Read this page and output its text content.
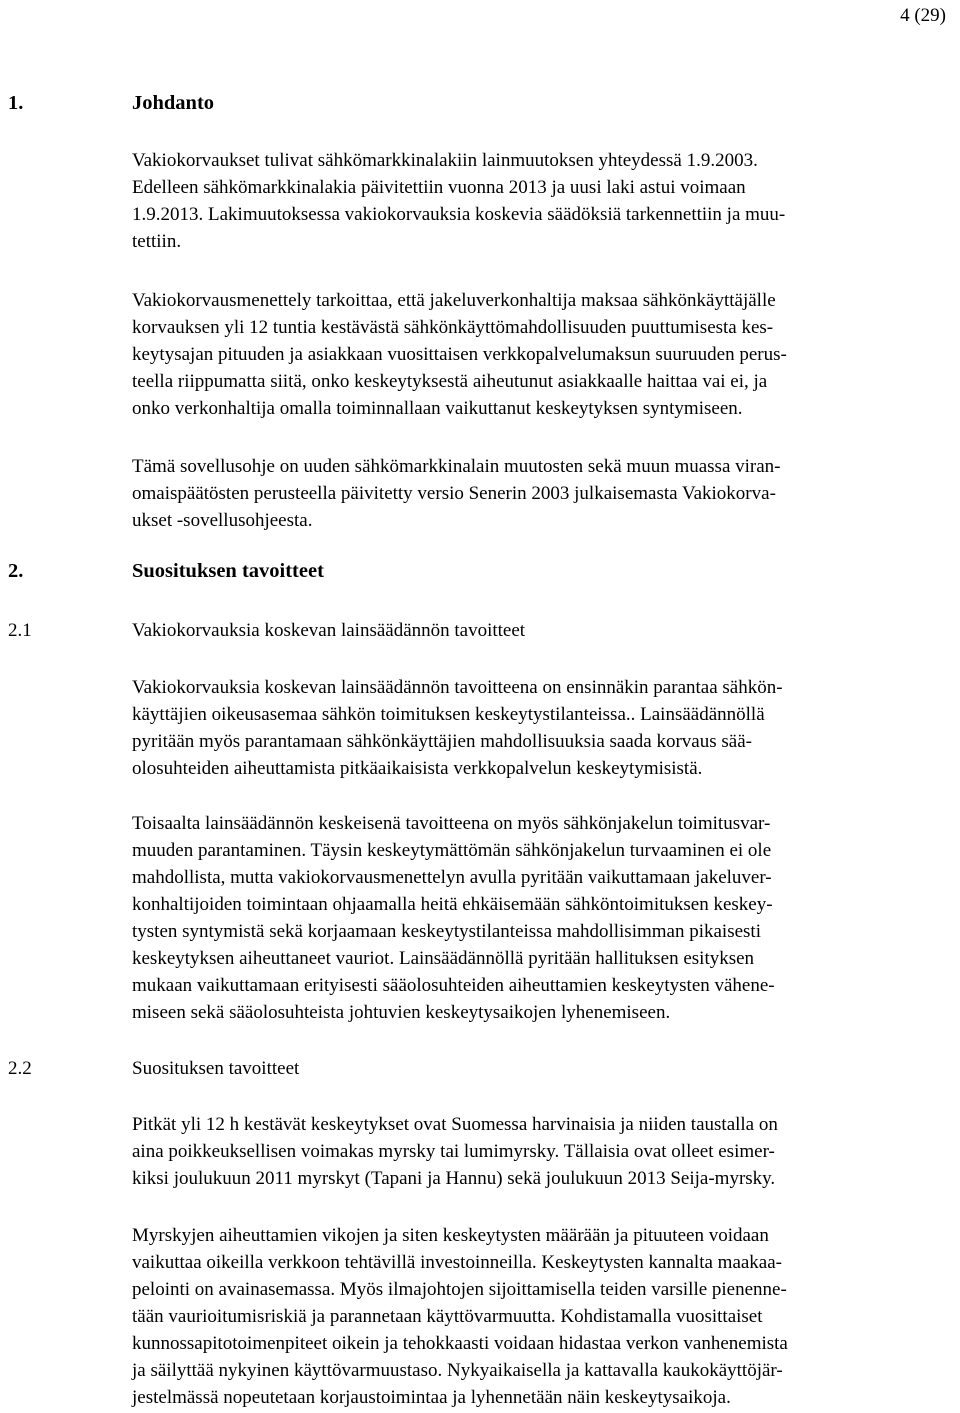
4 (29)
1.	Johdanto
Vakiokorvaukset tulivat sähkömarkkinalakiin lainmuutoksen yhteydessä 1.9.2003.
Edelleen sähkömarkkinalakia päivitettiin vuonna 2013 ja uusi laki astui voimaan
1.9.2013. Lakimuutoksessa vakiokorvauksia koskevia säädöksiä tarkennettiin ja muu-
tettiin.
Vakiokorvausmenettely tarkoittaa, että jakeluverkonhaltija maksaa sähkönkäyttäjälle
korvauksen yli 12 tuntia kestävästä sähkönkäyttömahdollisuuden puuttumisesta kes-
keytysajan pituuden ja asiakkaan vuosittaisen verkkopalvelumaksun suuruuden perus-
teella riippumatta siitä, onko keskeytyksestä aiheutunut asiakkaalle haittaa vai ei, ja
onko verkonhaltija omalla toiminnallaan vaikuttanut keskeytyksen syntymiseen.
Tämä sovellusohje on uuden sähkömarkkinalain muutosten sekä muun muassa viran-
omaispäätösten perusteella päivitetty versio Senerin 2003 julkaisemasta Vakiokorva-
ukset -sovellusohjeesta.
2.	Suosituksen tavoitteet
2.1	Vakiokorvauksia koskevan lainsäädännön tavoitteet
Vakiokorvauksia koskevan lainsäädännön tavoitteena on ensinnäkin parantaa sähkön-
käyttäjien oikeusasemaa sähkön toimituksen keskeytystilanteissa.. Lainsäädännöllä
pyritään myös parantamaan sähkönkäyttäjien mahdollisuuksia saada korvaus sää-
olosuhteiden aiheuttamista pitkäaikaisista verkkopalvelun keskeytymisistä.
Toisaalta lainsäädännön keskeisenä tavoitteena on myös sähkönjakelun toimitusvar-
muuden parantaminen. Täysin keskeytymättömän sähkönjakelun turvaaminen ei ole
mahdollista, mutta vakiokorvausmenettelyn avulla pyritään vaikuttamaan jakeluver-
konhaltijoiden toimintaan ohjaamalla heitä ehkäisemään sähköntoimituksen keskey-
tysten syntymistä sekä korjaamaan keskeytystilanteissa mahdollisimman pikaisesti
keskeytyksen aiheuttaneet vauriot. Lainsäädännöllä pyritään hallituksen esityksen
mukaan vaikuttamaan erityisesti sääolosuhteiden aiheuttamien keskeytysten vähene-
miseen sekä sääolosuhteista johtuvien keskeytysaikojen lyhenemiseen.
2.2	Suosituksen tavoitteet
Pitkät yli 12 h kestävät keskeytykset ovat Suomessa harvinaisia ja niiden taustalla on
aina poikkeuksellisen voimakas myrsky tai lumimyrsky. Tällaisia ovat olleet esimer-
kiksi joulukuun 2011 myrskyt (Tapani ja Hannu) sekä joulukuun 2013 Seija-myrsky.
Myrskyjen aiheuttamien vikojen ja siten keskeytysten määrään ja pituuteen voidaan
vaikuttaa oikeilla verkkoon tehtävillä investoinneilla. Keskeytysten kannalta maakaa-
pelointi on avainasemassa. Myös ilmajohtojen sijoittamisella teiden varsille pienenne-
tään vaurioitumisriskiä ja parannetaan käyttövarmuutta. Kohdistamalla vuosittaiset
kunnossapitotoimenpiteet oikein ja tehokkaasti voidaan hidastaa verkon vanhenemista
ja säilyttää nykyinen käyttövarmuustaso. Nykyaikaisella ja kattavalla kaukokäyttöjär-
jestelmässä nopeutetaan korjaustoimintaa ja lyhennetään näin keskeytysaikoja.
